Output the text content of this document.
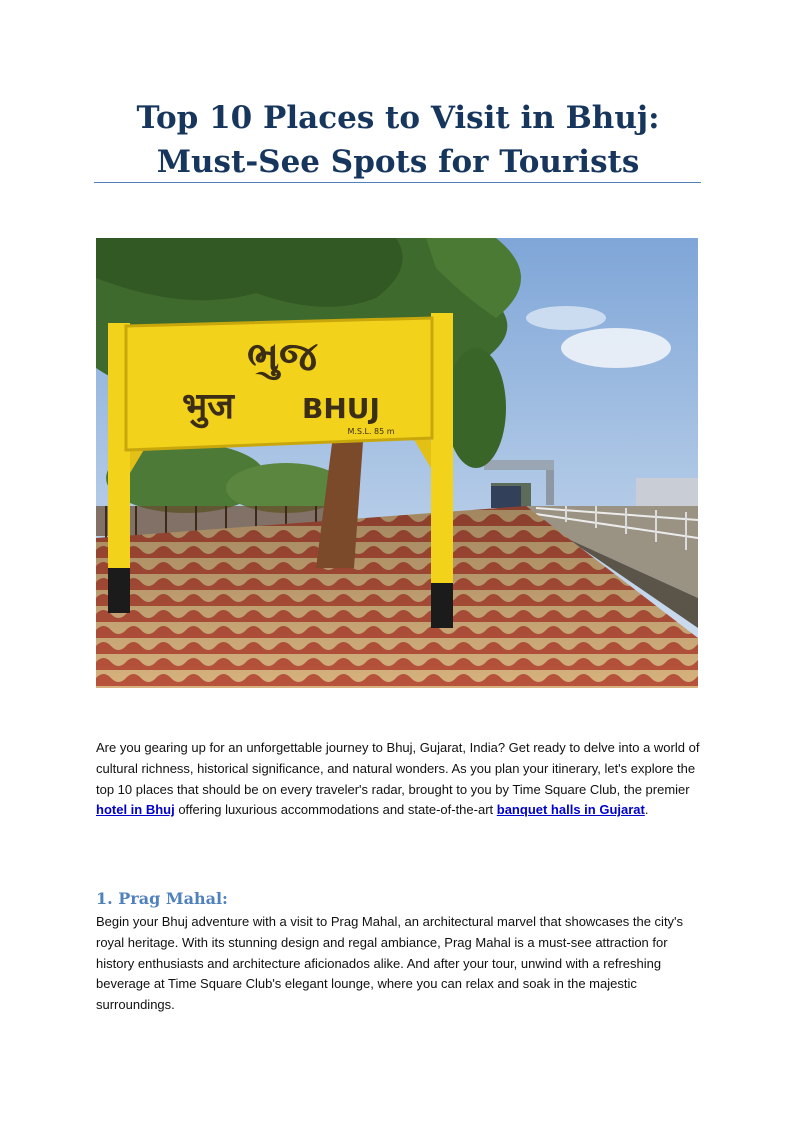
Top 10 Places to Visit in Bhuj: Must-See Spots for Tourists
ભુજ
भुज BHUJ
M.S.L. 85 m

Are you gearing up for an unforgettable journey to Bhuj, Gujarat, India? Get ready to delve into a world of cultural richness, historical significance, and natural wonders. As you plan your itinerary, let's explore the top 10 places that should be on every traveler's radar, brought to you by Time Square Club, the premier hotel in Bhuj offering luxurious accommodations and state-of-the-art banquet halls in Gujarat.

1. Prag Mahal:

Begin your Bhuj adventure with a visit to Prag Mahal, an architectural marvel that showcases the city's royal heritage. With its stunning design and regal ambiance, Prag Mahal is a must-see attraction for history enthusiasts and architecture aficionados alike. And after your tour, unwind with a refreshing beverage at Time Square Club's elegant lounge, where you can relax and soak in the majestic surroundings.
